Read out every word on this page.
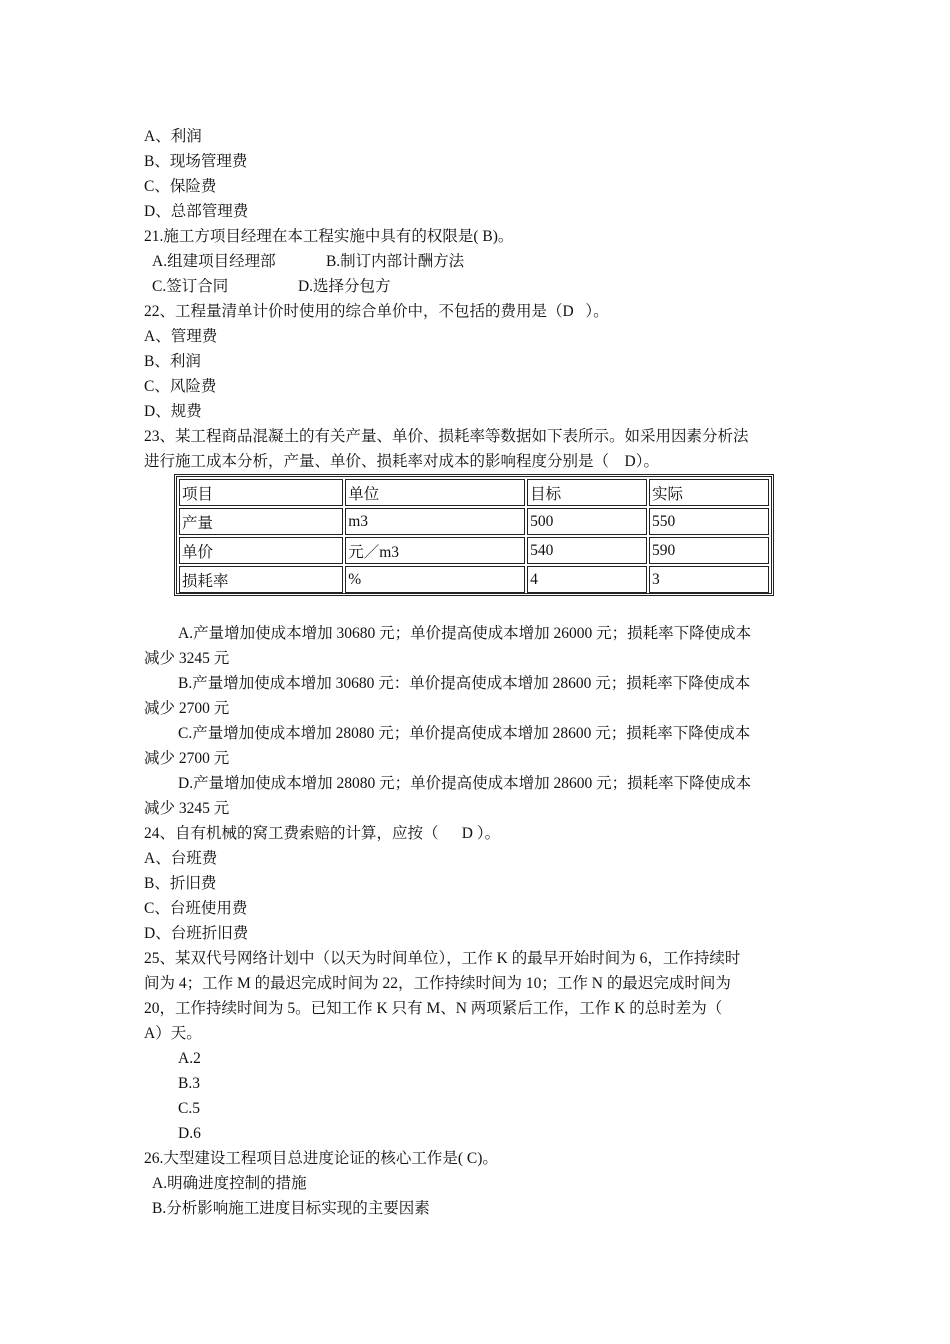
A、利润
B、现场管理费
C、保险费
D、总部管理费
21.施工方项目经理在本工程实施中具有的权限是( B)。
A.组建项目经理部             B.制订内部计酬方法
C.签订合同                  D.选择分包方
22、工程量清单计价时使用的综合单价中，不包括的费用是（D   ）。
A、管理费
B、利润
C、风险费
D、规费
23、某工程商品混凝土的有关产量、单价、损耗率等数据如下表所示。如采用因素分析法
进行施工成本分析，产量、单价、损耗率对成本的影响程度分别是（    D）。
项目	单位	目标	实际
产量	m3	500	550
单价	元／m3	540	590
损耗率	%	4	3
A.产量增加使成本增加 30680 元；单价提高使成本增加 26000 元；损耗率下降使成本
减少 3245 元
B.产量增加使成本增加 30680 元：单价提高使成本增加 28600 元；损耗率下降使成本
减少 2700 元
C.产量增加使成本增加 28080 元；单价提高使成本增加 28600 元；损耗率下降使成本
减少 2700 元
D.产量增加使成本增加 28080 元；单价提高使成本增加 28600 元；损耗率下降使成本
减少 3245 元
24、自有机械的窝工费索赔的计算，应按（      D ）。
A、台班费
B、折旧费
C、台班使用费
D、台班折旧费
25、某双代号网络计划中（以天为时间单位），工作 K 的最早开始时间为 6，工作持续时
间为 4；工作 M 的最迟完成时间为 22，工作持续时间为 10；工作 N 的最迟完成时间为
20，工作持续时间为 5。已知工作 K 只有 M、N 两项紧后工作，工作 K 的总时差为（
A）天。
A.2
B.3
C.5
D.6
26.大型建设工程项目总进度论证的核心工作是( C)。
A.明确进度控制的措施
B.分析影响施工进度目标实现的主要因素
